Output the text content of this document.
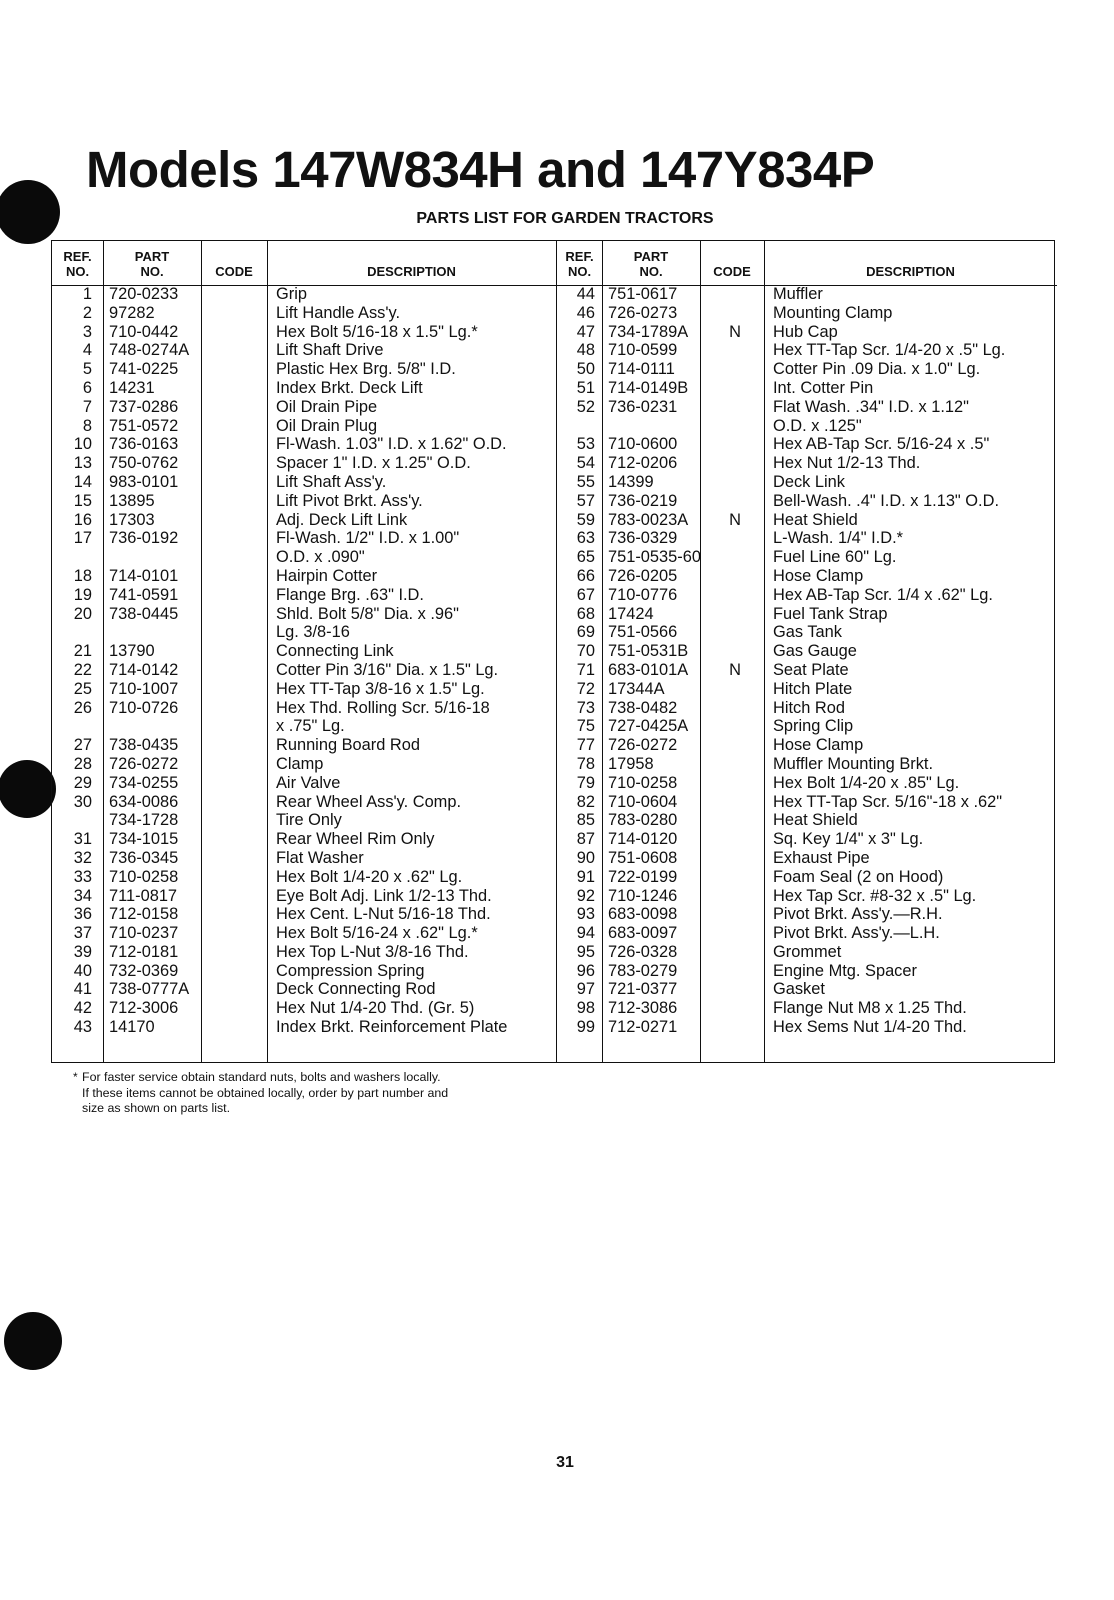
Models 147W834H and 147Y834P
PARTS LIST FOR GARDEN TRACTORS
REF.
NO.
PART
NO.	CODE	DESCRIPTION
1 720-0233	Grip
2 97282	Lift Handle Ass'y.
3 710-0442	Hex Bolt 5/16-18 x 1.5" Lg.*
4 748-0274A	Lift Shaft Drive
5 741-0225	Plastic Hex Brg. 5/8" I.D.
6 14231	Index Brkt. Deck Lift
7 737-0286	Oil Drain Pipe
8 751-0572	Oil Drain Plug
10 736-0163	Fl-Wash. 1.03" I.D. x 1.62" O.D.
13 750-0762	Spacer 1" I.D. x 1.25" O.D.
14 983-0101	Lift Shaft Ass'y.
15 13895	Lift Pivot Brkt. Ass'y.
16 17303	Adj. Deck Lift Link
17 736-0192	Fl-Wash. 1/2" I.D. x 1.00"
O.D. x .090"
18 714-0101	Hairpin Cotter
19 741-0591	Flange Brg. .63" I.D.
20 738-0445	Shld. Bolt 5/8" Dia. x .96"
Lg. 3/8-16
21 13790	Connecting Link
22 714-0142	Cotter Pin 3/16" Dia. x 1.5" Lg.
25 710-1007	Hex TT-Tap 3/8-16 x 1.5" Lg.
26 710-0726	Hex Thd. Rolling Scr. 5/16-18
x .75" Lg.
27 738-0435	Running Board Rod
28 726-0272	Clamp
29 734-0255	Air Valve
30 634-0086	Rear Wheel Ass'y. Comp.
734-1728	Tire Only
31 734-1015	Rear Wheel Rim Only
32 736-0345	Flat Washer
33 710-0258	Hex Bolt 1/4-20 x .62" Lg.
34 711-0817	Eye Bolt Adj. Link 1/2-13 Thd.
36 712-0158	Hex Cent. L-Nut 5/16-18 Thd.
37 710-0237	Hex Bolt 5/16-24 x .62" Lg.*
39 712-0181	Hex Top L-Nut 3/8-16 Thd.
40 732-0369	Compression Spring
41 738-0777A	Deck Connecting Rod
42 712-3006	Hex Nut 1/4-20 Thd. (Gr. 5)
43 14170	Index Brkt. Reinforcement Plate
REF.
NO.
PART
NO.	CODE	DESCRIPTION
44 751-0617	Muffler
46 726-0273	Mounting Clamp
47 734-1789A	N	Hub Cap
48 710-0599	Hex TT-Tap Scr. 1/4-20 x .5" Lg.
50 714-0111	Cotter Pin .09 Dia. x 1.0" Lg.
51 714-0149B	Int. Cotter Pin
52 736-0231	Flat Wash. .34" I.D. x 1.12"
O.D. x .125"
53 710-0600	Hex AB-Tap Scr. 5/16-24 x .5"
54 712-0206	Hex Nut 1/2-13 Thd.
55 14399	Deck Link
57 736-0219	Bell-Wash. .4" I.D. x 1.13" O.D.
59 783-0023A	N	Heat Shield
63 736-0329	L-Wash. 1/4" I.D.*
65 751-0535-60	Fuel Line 60" Lg.
66 726-0205	Hose Clamp
67 710-0776	Hex AB-Tap Scr. 1/4 x .62" Lg.
68 17424	Fuel Tank Strap
69 751-0566	Gas Tank
70 751-0531B	Gas Gauge
71 683-0101A	N	Seat Plate
72 17344A	Hitch Plate
73 738-0482	Hitch Rod
75 727-0425A	Spring Clip
77 726-0272	Hose Clamp
78 17958	Muffler Mounting Brkt.
79 710-0258	Hex Bolt 1/4-20 x .85" Lg.
82 710-0604	Hex TT-Tap Scr. 5/16"-18 x .62"
85 783-0280	Heat Shield
87 714-0120	Sq. Key 1/4" x 3" Lg.
90 751-0608	Exhaust Pipe
91 722-0199	Foam Seal (2 on Hood)
92 710-1246	Hex Tap Scr. #8-32 x .5" Lg.
93 683-0098	Pivot Brkt. Ass'y.—R.H.
94 683-0097	Pivot Brkt. Ass'y.—L.H.
95 726-0328	Grommet
96 783-0279	Engine Mtg. Spacer
97 721-0377	Gasket
98 712-3086	Flange Nut M8 x 1.25 Thd.
99 712-0271	Hex Sems Nut 1/4-20 Thd.
* For faster service obtain standard nuts, bolts and washers locally.
If these items cannot be obtained locally, order by part number and
size as shown on parts list.
31
